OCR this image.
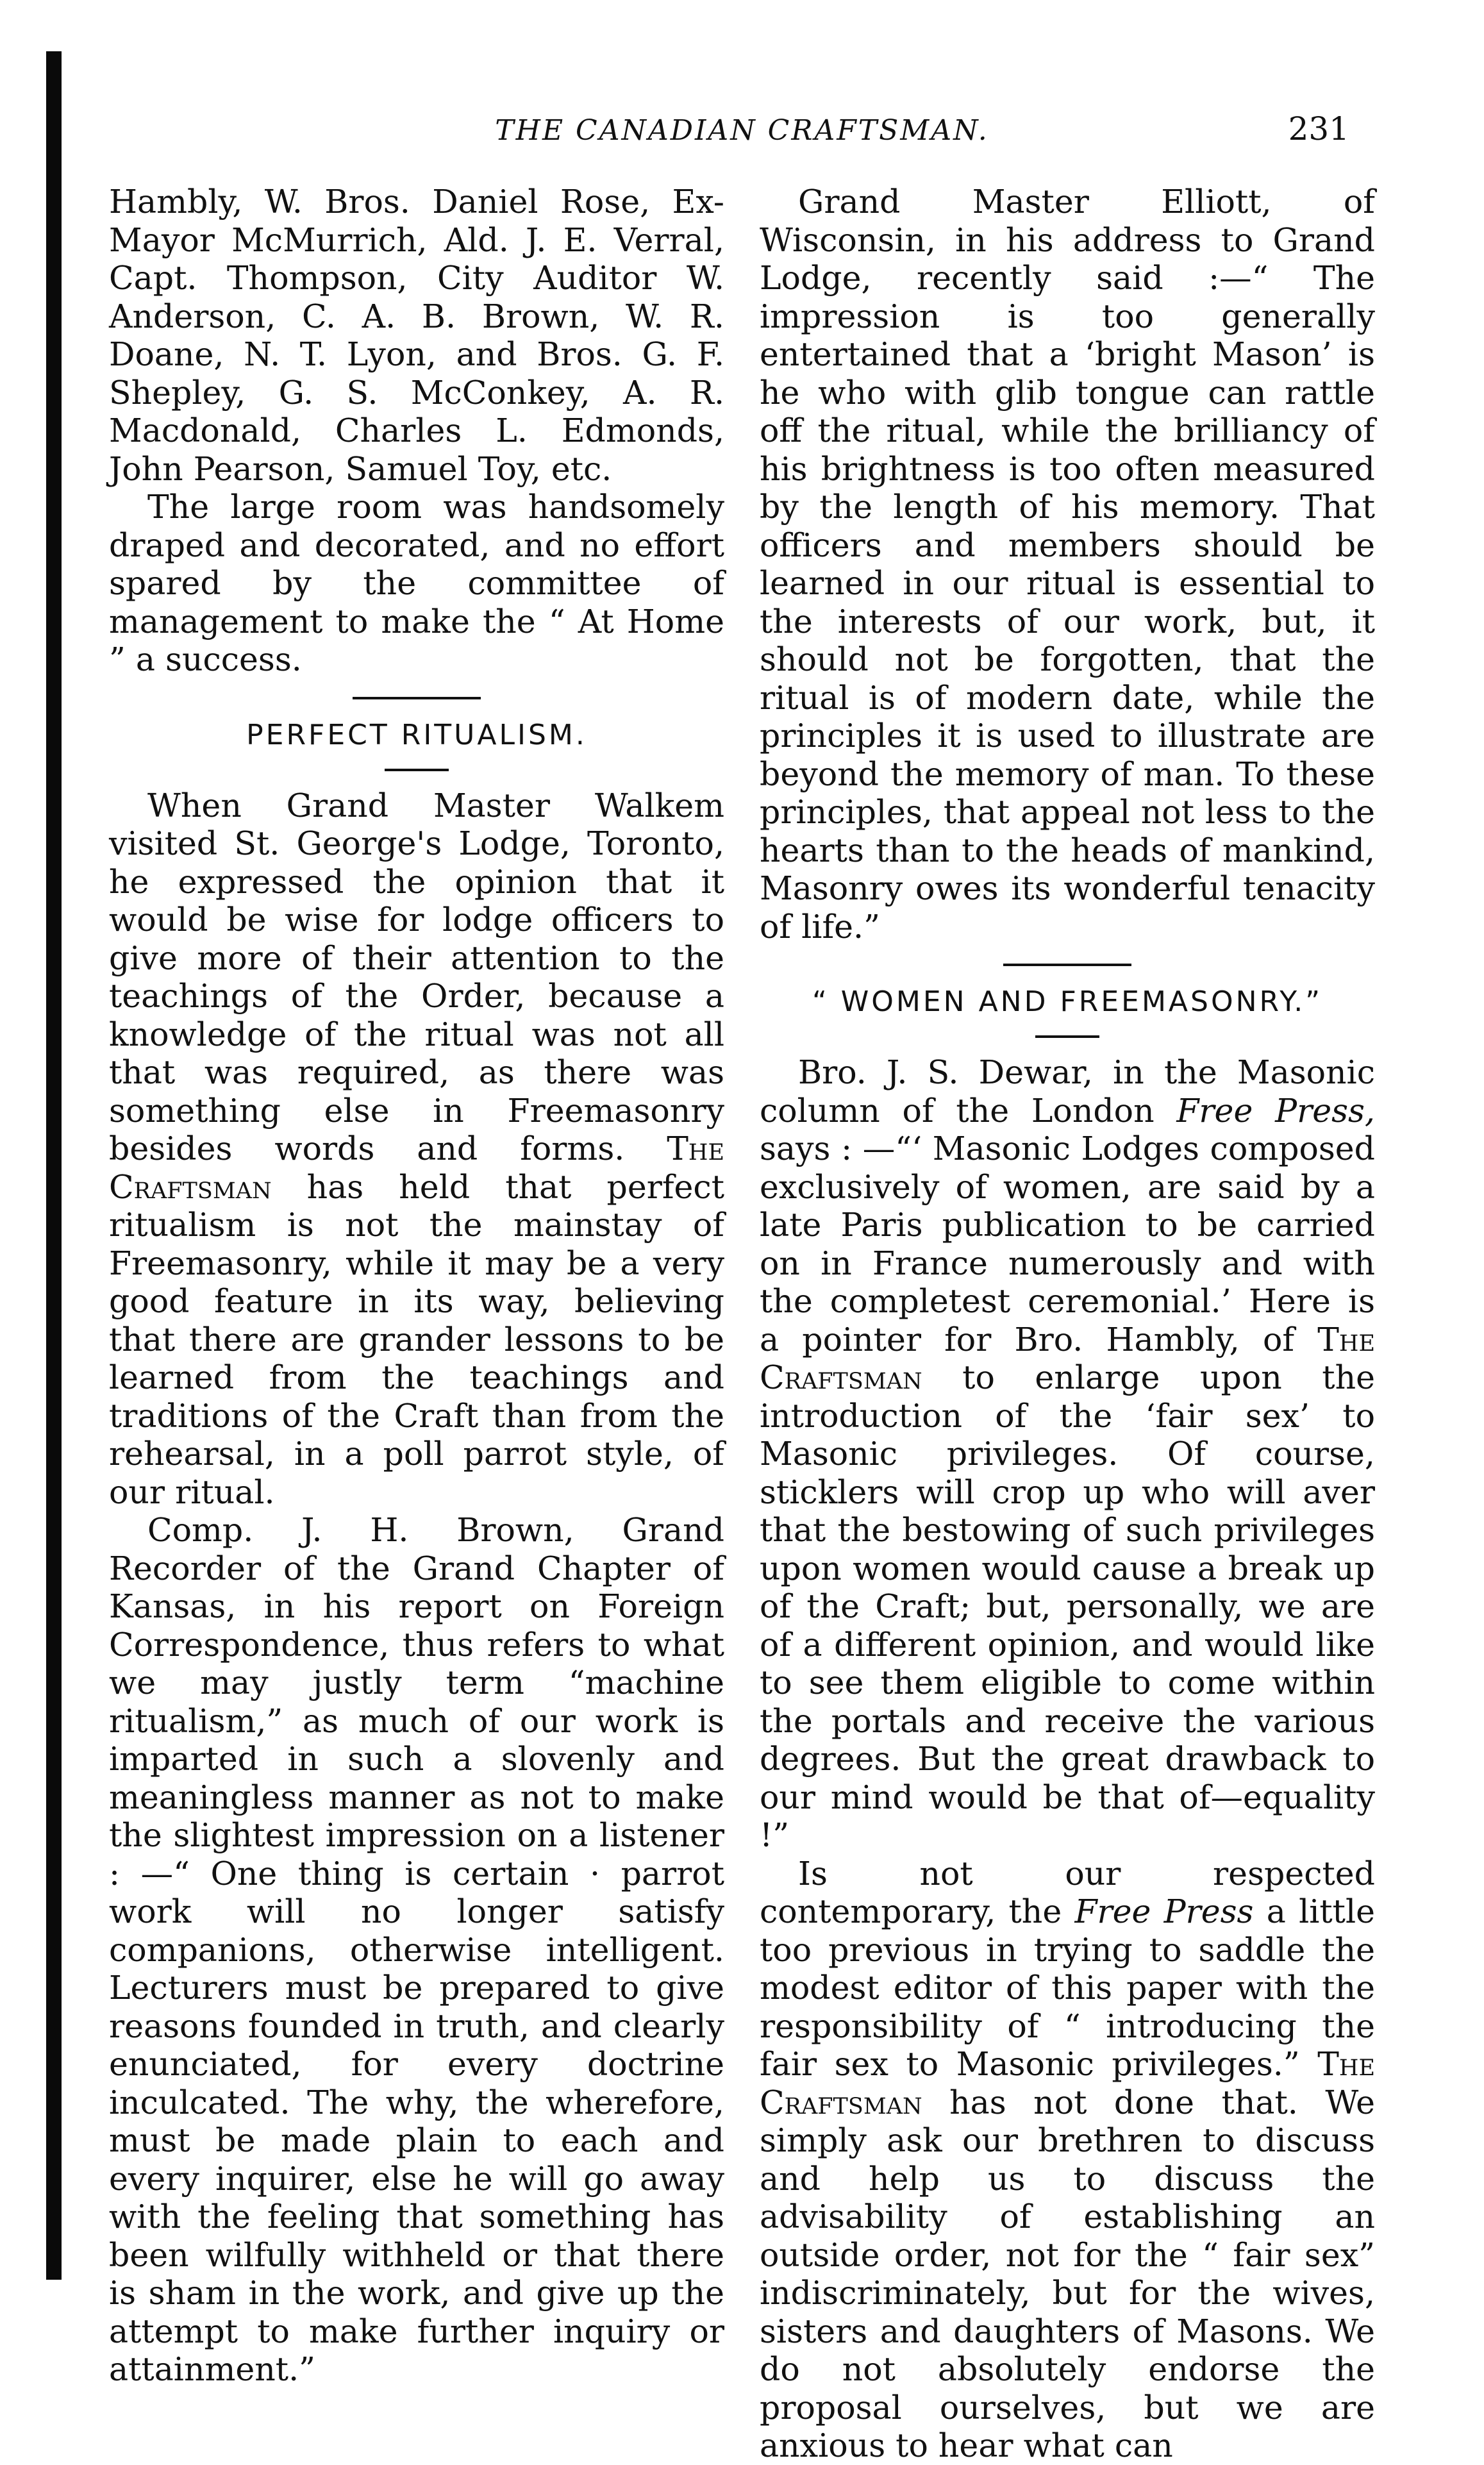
THE CANADIAN CRAFTSMAN.	231

Hambly, W. Bros. Daniel Rose, Ex-Mayor McMurrich, Ald. J. E. Verral, Capt. Thompson, City Auditor W. Anderson, C. A. B. Brown, W. R. Doane, N. T. Lyon, and Bros. G. F. Shepley, G. S. McConkey, A. R. Macdonald, Charles L. Edmonds, John Pearson, Samuel Toy, etc.

The large room was handsomely draped and decorated, and no effort spared by the committee of management to make the “ At Home ” a success.

PERFECT RITUALISM.

When Grand Master Walkem visited St. George's Lodge, Toronto, he expressed the opinion that it would be wise for lodge officers to give more of their attention to the teachings of the Order, because a knowledge of the ritual was not all that was required, as there was something else in Freemasonry besides words and forms. The Craftsman has held that perfect ritualism is not the mainstay of Freemasonry, while it may be a very good feature in its way, believing that there are grander lessons to be learned from the teachings and traditions of the Craft than from the rehearsal, in a poll parrot style, of our ritual.

Comp. J. H. Brown, Grand Recorder of the Grand Chapter of Kansas, in his report on Foreign Correspondence, thus refers to what we may justly term “machine ritualism,” as much of our work is imparted in such a slovenly and meaningless manner as not to make the slightest impression on a listener : —“ One thing is certain · parrot work will no longer satisfy companions, otherwise intelligent. Lecturers must be prepared to give reasons founded in truth, and clearly enunciated, for every doctrine inculcated. The why, the wherefore, must be made plain to each and every inquirer, else he will go away with the feeling that something has been wilfully withheld or that there is sham in the work, and give up the attempt to make further inquiry or attainment.”

Grand Master Elliott, of Wisconsin, in his address to Grand Lodge, recently said :—“ The impression is too generally entertained that a ‘bright Mason’ is he who with glib tongue can rattle off the ritual, while the brilliancy of his brightness is too often measured by the length of his memory. That officers and members should be learned in our ritual is essential to the interests of our work, but, it should not be forgotten, that the ritual is of modern date, while the principles it is used to illustrate are beyond the memory of man. To these principles, that appeal not less to the hearts than to the heads of mankind, Masonry owes its wonderful tenacity of life.”

“ WOMEN AND FREEMASONRY.”

Bro. J. S. Dewar, in the Masonic column of the London Free Press, says : —“‘ Masonic Lodges composed exclusively of women, are said by a late Paris publication to be carried on in France numerously and with the completest ceremonial.’ Here is a pointer for Bro. Hambly, of The Craftsman to enlarge upon the introduction of the ‘fair sex’ to Masonic privileges. Of course, sticklers will crop up who will aver that the bestowing of such privileges upon women would cause a break up of the Craft; but, personally, we are of a different opinion, and would like to see them eligible to come within the portals and receive the various degrees. But the great drawback to our mind would be that of—equality !”

Is not our respected contemporary, the Free Press a little too previous in trying to saddle the modest editor of this paper with the responsibility of “ introducing the fair sex to Masonic privileges.” The Craftsman has not done that. We simply ask our brethren to discuss and help us to discuss the advisability of establishing an outside order, not for the “ fair sex” indiscriminately, but for the wives, sisters and daughters of Masons. We do not absolutely endorse the proposal ourselves, but we are anxious to hear what can
